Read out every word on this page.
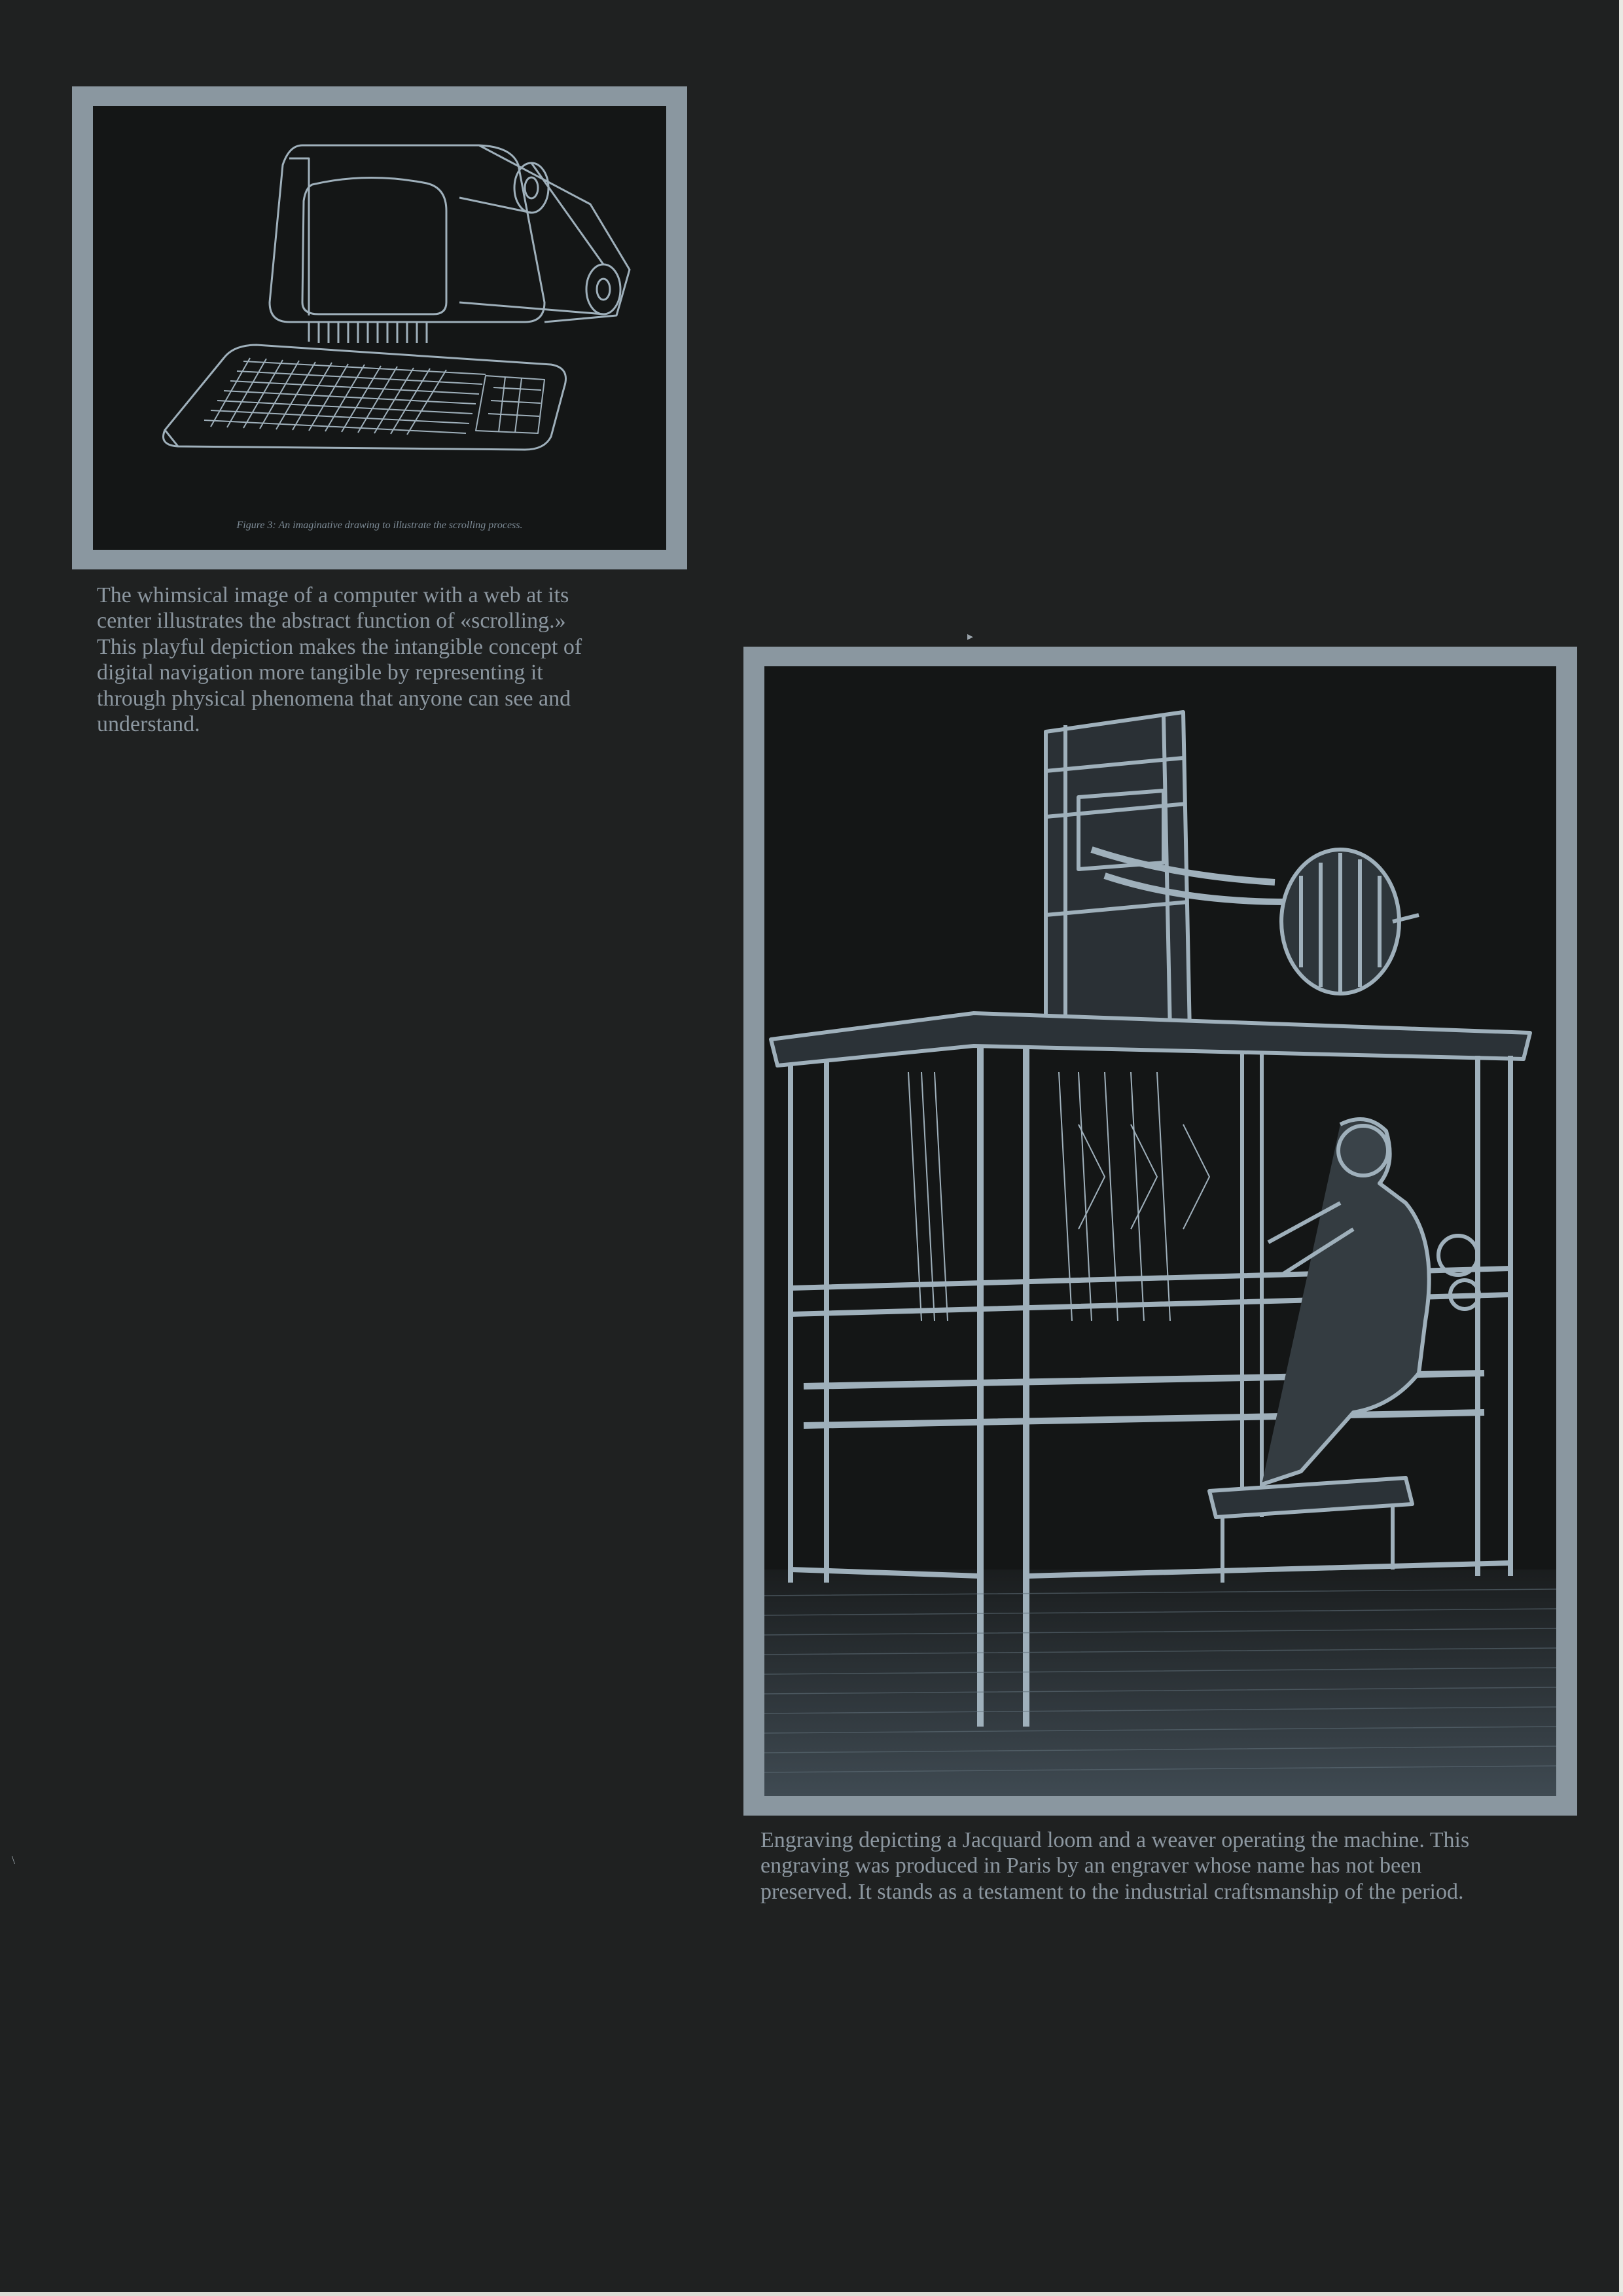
Figure 3: An imaginative drawing to illustrate the scrolling process.

The whimsical image of a computer with a web at its center illustrates the abstract function of «scrolling.» This playful depiction makes the intangible concept of digital navigation more tangible by representing it through physical phenomena that anyone can see and understand.

▸

Engraving depicting a Jacquard loom and a weaver operating the machine. This engraving was produced in Paris by an engraver whose name has not been preserved. It stands as a testament to the industrial craftsmanship of the period.

\
